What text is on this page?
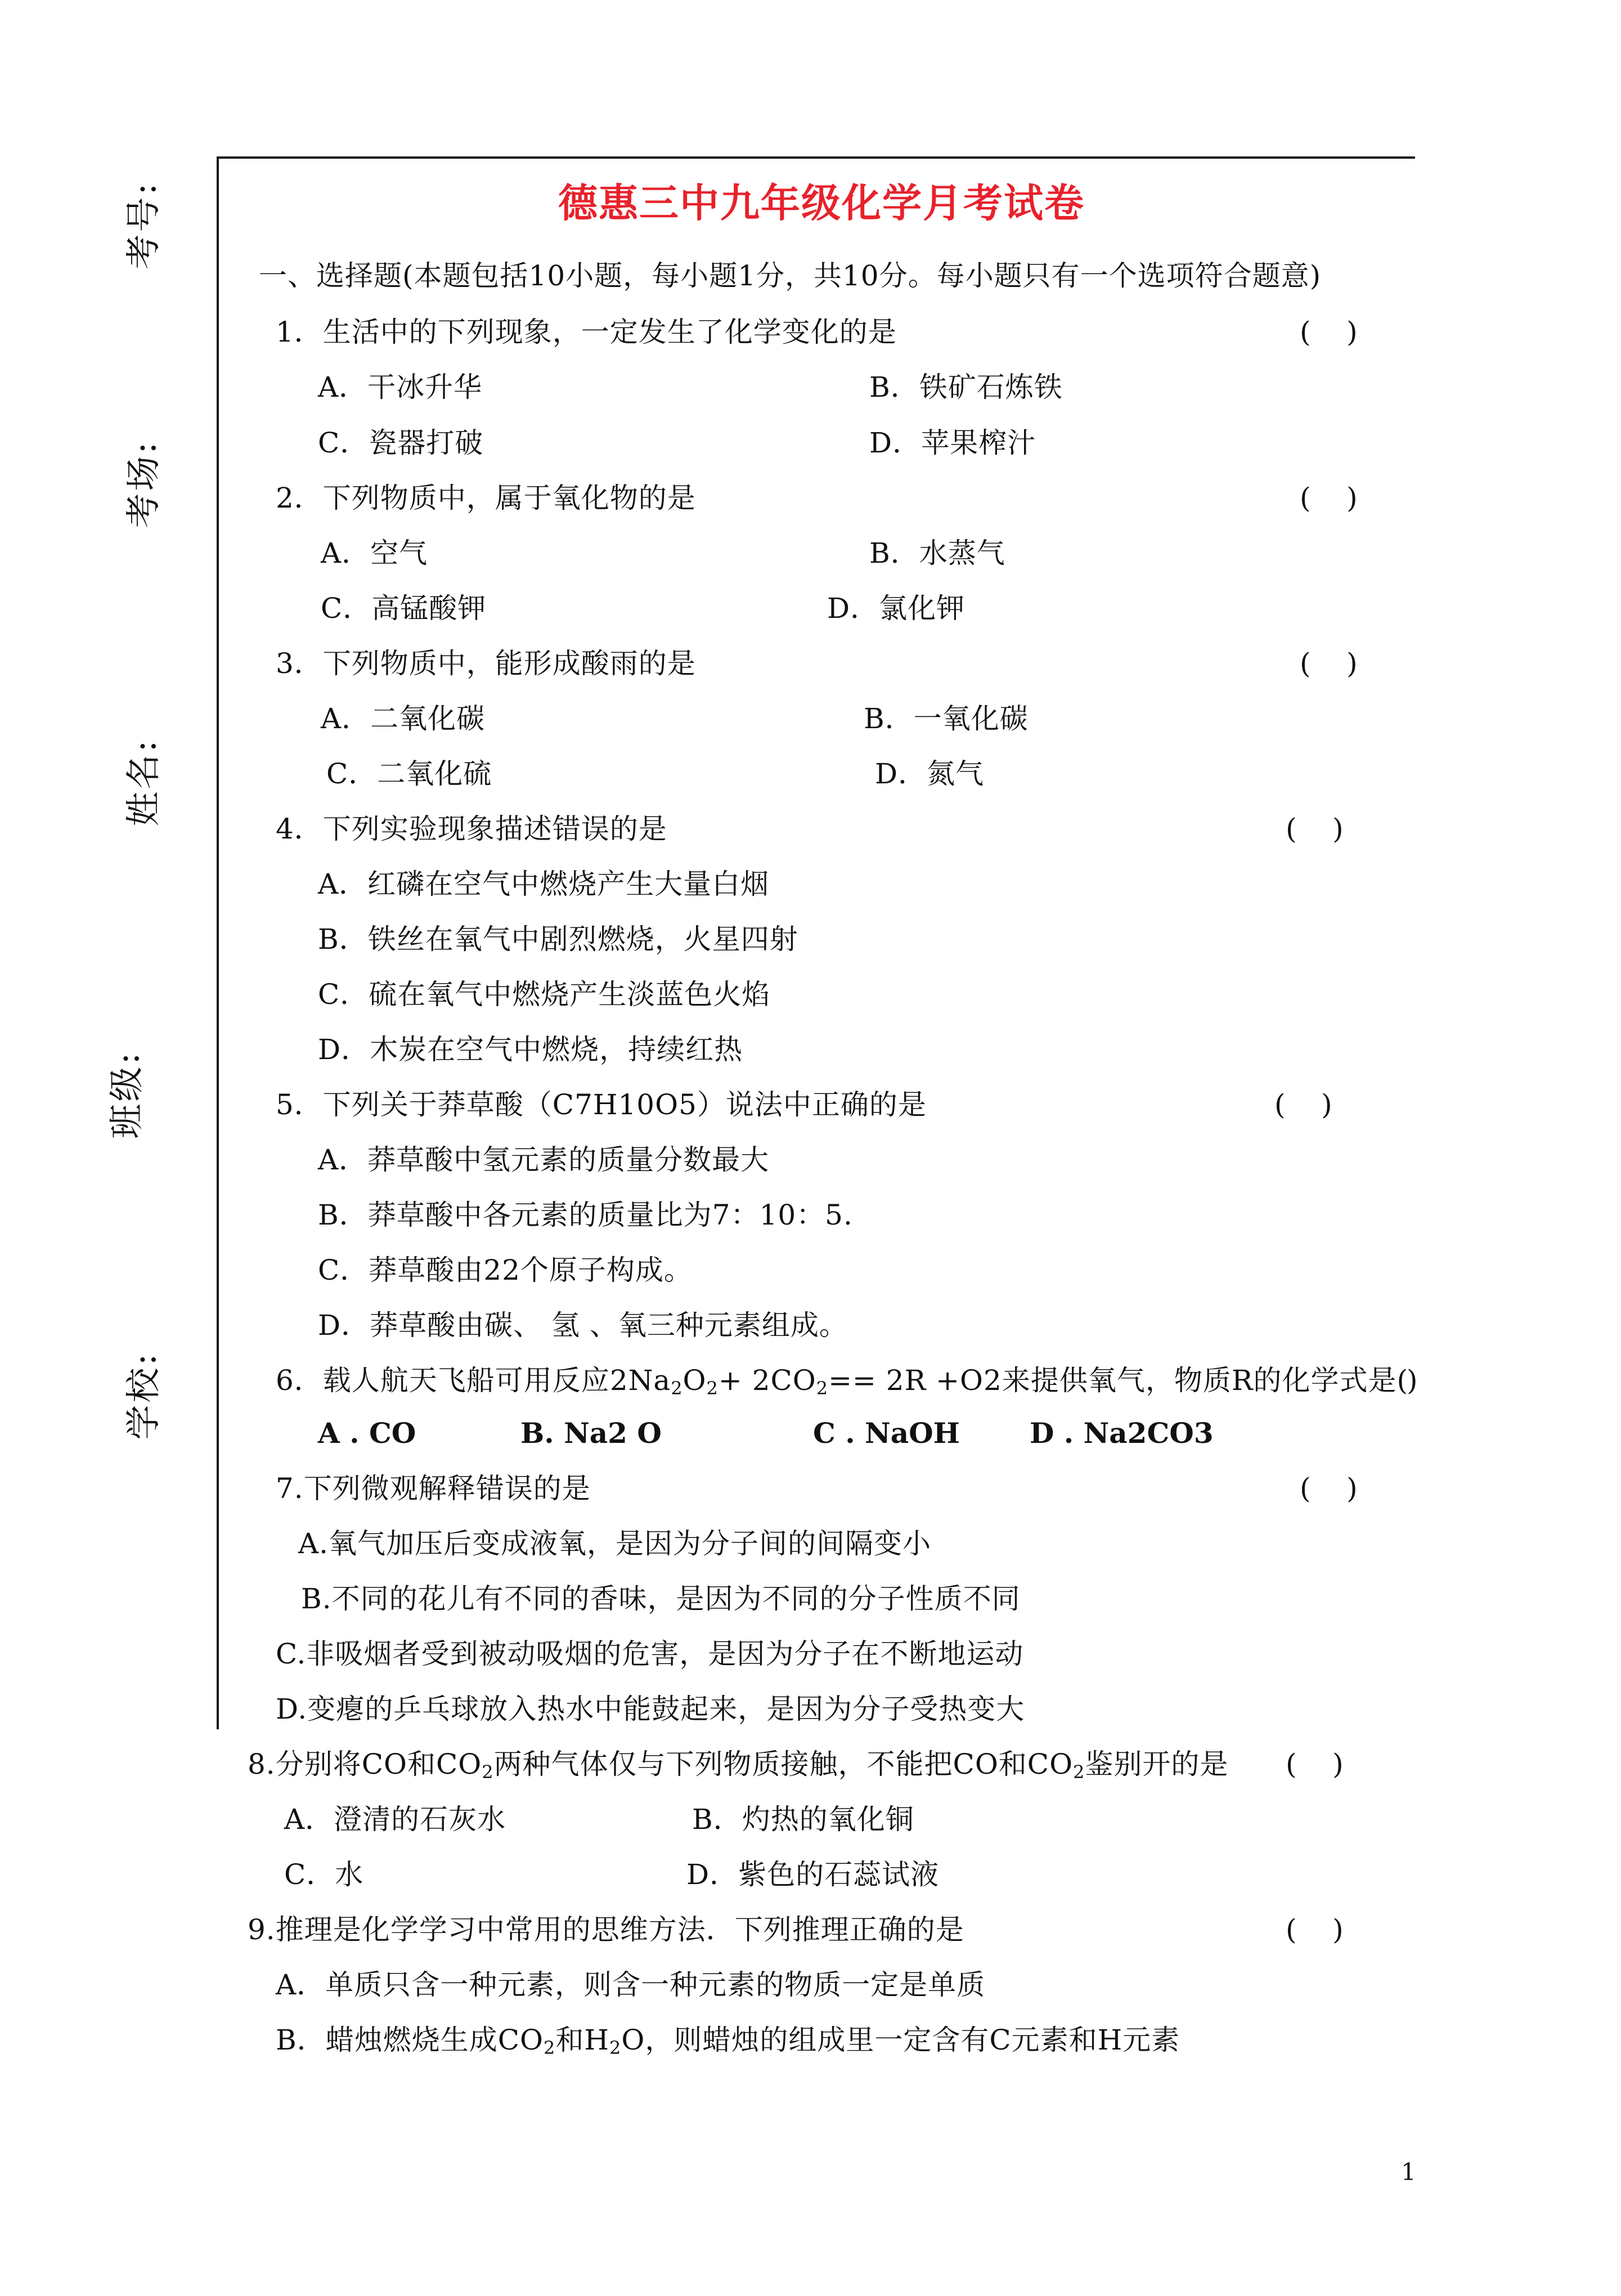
考号:
考场:
姓名:
班级:
学校:
德惠三中九年级化学月考试卷
一、选择题(本题包括10小题，每小题1分，共10分。每小题只有一个选项符合题意)
1．生活中的下列现象，一定发生了化学变化的是	(    )
A．干冰升华	B．铁矿石炼铁
C．瓷器打破	D．苹果榨汁
2．下列物质中，属于氧化物的是	(    )
A．空气	B．水蒸气
C．高锰酸钾	D．氯化钾
3．下列物质中，能形成酸雨的是	(    )
A．二氧化碳	B．一氧化碳
C．二氧化硫	D．氮气
4．下列实验现象描述错误的是	(    )
A．红磷在空气中燃烧产生大量白烟
B．铁丝在氧气中剧烈燃烧，火星四射
C．硫在氧气中燃烧产生淡蓝色火焰
D．木炭在空气中燃烧，持续红热
5．下列关于莽草酸（C7H10O5）说法中正确的是	(    )
A．莽草酸中氢元素的质量分数最大
B．莽草酸中各元素的质量比为7：10：5.
C．莽草酸由22个原子构成。
D．莽草酸由碳、 氢 、氧三种元素组成。
6．载人航天飞船可用反应$2Na_2O_2+ 2CO_2== 2R +O2$来提供氧气，物质R的化学式是(
)
A . CO	B. Na2 O	C . NaOH D . Na2CO3
7.下列微观解释错误的是	(    )
A.氧气加压后变成液氧，是因为分子间的间隔变小
B.不同的花儿有不同的香味，是因为不同的分子性质不同
C.非吸烟者受到被动吸烟的危害，是因为分子在不断地运动
D.变瘪的乒乓球放入热水中能鼓起来，是因为分子受热变大
8.分别将CO和$CO_2$两种气体仅与下列物质接触，不能把CO和$CO_2$鉴别开的是 (    )
A．澄清的石灰水	B．灼热的氧化铜
C．水	D．紫色的石蕊试液
9.推理是化学学习中常用的思维方法．下列推理正确的是	(    )
A．单质只含一种元素，则含一种元素的物质一定是单质
B．蜡烛燃烧生成$CO_2$和$H_2O$，则蜡烛的组成里一定含有C元素和H元素
1
